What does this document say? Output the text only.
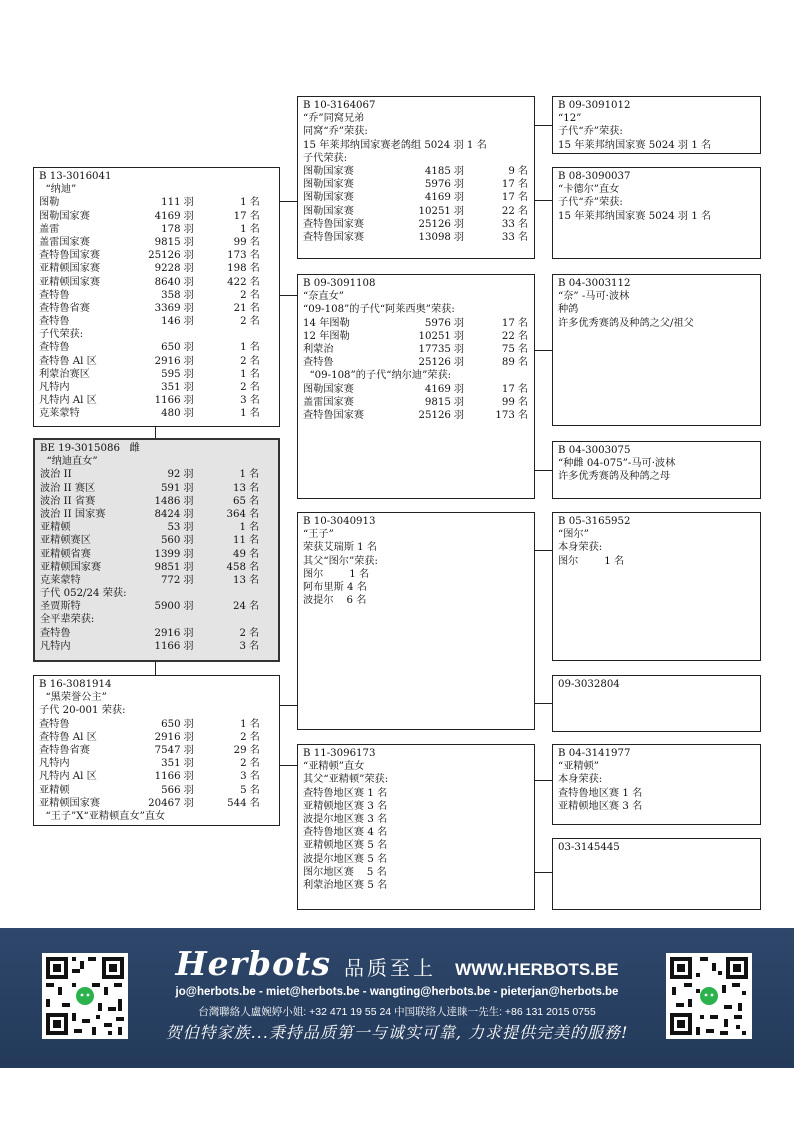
B 13-3016041
“纳迪”
图勒	111 羽	1 名
图勒国家赛	4169 羽	17 名
盖雷	178 羽	1 名
盖雷国家赛	9815 羽	99 名
查特鲁国家赛	25126 羽	173 名
亚精顿国家赛	9228 羽	198 名
亚精顿国家赛	8640 羽	422 名
查特鲁	358 羽	2 名
查特鲁省赛	3369 羽	21 名
查特鲁	146 羽	2 名
子代荣获:
查特鲁	650 羽	1 名
查特鲁 Al 区	2916 羽	2 名
利蒙治赛区	595 羽	1 名
凡特内	351 羽	2 名
凡特内 Al 区	1166 羽	3 名
克莱蒙特	480 羽	1 名
BE 19-3015086   雌
“纳迪直女”
波治 II	92 羽	1 名
波治 II 赛区	591 羽	13 名
波治 II 省赛	1486 羽	65 名
波治 II 国家赛	8424 羽	364 名
亚精顿	53 羽	1 名
亚精顿赛区	560 羽	11 名
亚精顿省赛	1399 羽	49 名
亚精顿国家赛	9851 羽	458 名
克莱蒙特	772 羽	13 名
子代 052/24 荣获:
圣贾斯特	5900 羽	24 名
全平辈荣获:
查特鲁	2916 羽	2 名
凡特内	1166 羽	3 名
B 16-3081914
“黑荣誉公主”
子代 20-001 荣获:
查特鲁	650 羽	1 名
查特鲁 Al 区	2916 羽	2 名
查特鲁省赛	7547 羽	29 名
凡特内	351 羽	2 名
凡特内 Al 区	1166 羽	3 名
亚精顿	566 羽	5 名
亚精顿国家赛	20467 羽	544 名
“王子”X“亚精顿直女”直女
B 10-3164067
“乔”同窝兄弟
同窝“乔”荣获:
15 年莱邦纳国家赛老鸽组 5024 羽 1 名
子代荣获:
图勒国家赛	4185 羽	9 名
图勒国家赛	5976 羽	17 名
图勒国家赛	4169 羽	17 名
图勒国家赛	10251 羽	22 名
查特鲁国家赛	25126 羽	33 名
查特鲁国家赛	13098 羽	33 名
B 09-3091108
“奈直女”
“09-108”的子代“阿莱西奥”荣获:
14 年图勒	5976 羽	17 名
12 年图勒	10251 羽	22 名
利蒙治	17735 羽	75 名
查特鲁	25126 羽	89 名
“09-108”的子代“纳尔迪”荣获:
图勒国家赛	4169 羽	17 名
盖雷国家赛	9815 羽	99 名
查特鲁国家赛	25126 羽	173 名
B 10-3040913
“王子”
荣获艾瑞斯 1 名
其父“图尔”荣获:
图尔        1 名
阿布里斯 4 名
波提尔    6 名
B 11-3096173
“亚精顿”直女
其父“亚精顿”荣获:
查特鲁地区赛 1 名
亚精顿地区赛 3 名
波提尔地区赛 3 名
查特鲁地区赛 4 名
亚精顿地区赛 5 名
波提尔地区赛 5 名
图尔地区赛    5 名
利蒙治地区赛 5 名
B 09-3091012
“12”
子代“乔”荣获:
15 年莱邦纳国家赛 5024 羽 1 名
B 08-3090037
“卡德尔”直女
子代“乔”荣获:
15 年莱邦纳国家赛 5024 羽 1 名
B 04-3003112
“奈” -马可·波林
种鸽
许多优秀赛鸽及种鸽之父/祖父
B 04-3003075
“种雌 04-075”-马可·波林
许多优秀赛鸽及种鸽之母
B 05-3165952
“图尔”
本身荣获:
图尔        1 名
09-3032804
B 04-3141977
“亚精顿”
本身荣获:
查特鲁地区赛 1 名
亚精顿地区赛 3 名
03-3145445
Herbots 品质至上 WWW.HERBOTS.BE
jo@herbots.be - miet@herbots.be - wangting@herbots.be - pieterjan@herbots.be
台灣聯絡人盧婉婷小姐: +32 471 19 55 24 中国联络人逹睐一先生: +86 131 2015 0755
贺伯特家族...秉持品质第一与诚实可靠, 力求提供完美的服務!
